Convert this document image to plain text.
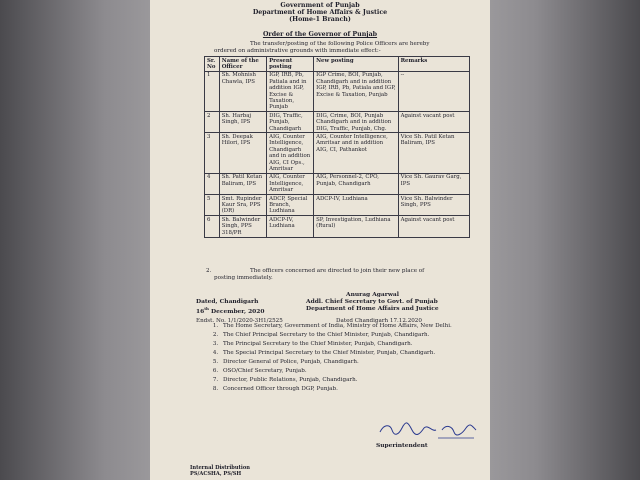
Government of Punjab
Department of Home Affairs & Justice
(Home-1 Branch)
Order of the Governor of Punjab
The transfer/posting of the following Police Officers are hereby
ordered on administrative grounds with immediate effect:-
Sr. No	Name of the Officer	Present posting	New posting	Remarks
1	Sh. Mohnish Chawla, IPS	IGP, IRB, Pb, Patiala and in addition IGP, Excise & Taxation, Punjab	IGP Crime, BOI, Punjab, Chandigarh and in addition IGP, IRB, Pb, Patiala and IGP, Excise & Taxation, Punjab	--
2	Sh. Harbaj Singh, IPS	DIG, Traffic, Punjab, Chandigarh	DIG, Crime, BOI, Punjab Chandigarh and in addition DIG, Traffic, Punjab, Chg.	Against vacant post
3	Sh. Deepak Hilori, IPS	AIG, Counter Intelligence, Chandigarh and in addition AIG, CI Ops., Amritsar	AIG, Counter Intelligence, Amritsar and in addition AIG, CI, Pathankot	Vice Sh. Patil Ketan Baliram, IPS
4	Sh. Patil Ketan Baliram, IPS	AIG, Counter Intelligence, Amritsar	AIG, Personnel-2, CPO, Punjab, Chandigarh	Vice Sh. Gaurav Garg, IPS
5	Smt. Rupinder Kaur Sra, PPS (DR)	ADCP, Special Branch, Ludhiana	ADCP-IV, Ludhiana	Vice Sh. Balwinder Singh, PPS
6	Sh. Balwinder Singh, PPS 318/PR	ADCP-IV, Ludhiana	SP, Investigation, Ludhiana (Rural)	Against vacant post
2.	The officers concerned are directed to join their new place of
posting immediately.
Anurag Agarwal
Addl. Chief Secretary to Govt. of Punjab
Department of Home Affairs and Justice
Dated, Chandigarh
16th December, 2020
Endst. No. 1/1/2020-3H1/2525	Dated Chandigarh 17.12.2020
1. The Home Secretary, Government of India, Ministry of Home Affairs, New Delhi.
2. The Chief Principal Secretary to the Chief Minister, Punjab, Chandigarh.
3. The Principal Secretary to the Chief Minister, Punjab, Chandigarh.
4. The Special Principal Secretary to the Chief Minister, Punjab, Chandigarh.
5. Director General of Police, Punjab, Chandigarh.
6. OSO/Chief Secretary, Punjab.
7. Director, Public Relations, Punjab, Chandigarh.
8. Concerned Officer through DGP, Punjab.
Superintendent
Internal Distribution
PS/ACSHA, PS/SH
